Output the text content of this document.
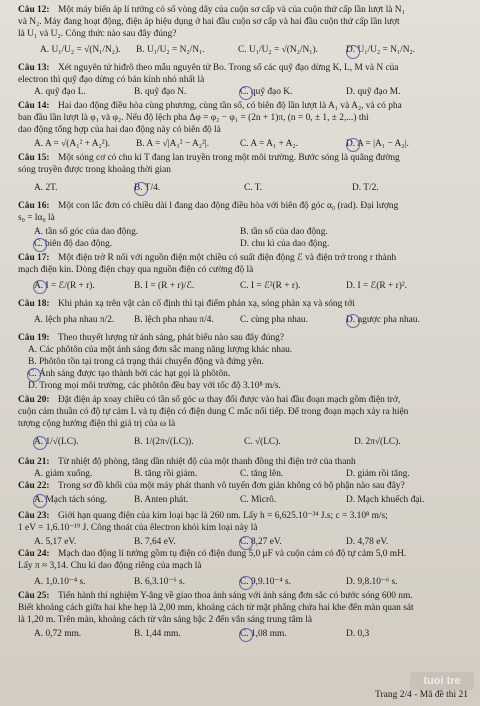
Câu 12: Một máy biến áp lí tưởng có số vòng dây của cuộn sơ cấp và của cuộn thứ cấp lần lượt là N₁
và N₂. Máy đang hoạt động, điện áp hiệu dụng ở hai đầu cuộn sơ cấp và hai đầu cuộn thứ cấp lần lượt
là U₁ và U₂. Công thức nào sau đây đúng?
A. U₁/U₂ = √(N₁/N₂). B. U₁/U₂ = N₂/N₁.	C. U₁/U₂ = √(N₂/N₁).	D. U₁/U₂ = N₁/N₂.
Câu 13: Xét nguyên tử hiđrô theo mẫu nguyên tử Bo. Trong số các quỹ đạo dừng K, L, M và N của
electron thì quỹ đạo dừng có bán kính nhỏ nhất là
A. quỹ đạo L.	B. quỹ đạo N.	C. quỹ đạo K.	D. quỹ đạo M.
Câu 14: Hai dao động điều hòa cùng phương, cùng tần số, có biên độ lần lượt là A₁ và A₂, và có pha
ban đầu lần lượt là φ₁ và φ₂. Nếu độ lệch pha Δφ = φ₂ − φ₁ = (2n + 1)π, (n = 0, ± 1, ± 2,...) thì
dao động tổng hợp của hai dao động này có biên độ là
A. A = √(A₁² + A₂²).	B. A = √|A₁² − A₂²|.	C. A = A₁ + A₂.	D. A = |A₁ − A₂|.
Câu 15: Một sóng cơ có chu kì T đang lan truyền trong một môi trường. Bước sóng là quãng đường
sóng truyền được trong khoảng thời gian
A. 2T.	B. T/4.	C. T.	D. T/2.
Câu 16: Một con lắc đơn có chiều dài l đang dao động điều hòa với biên độ góc α₀ (rad). Đại lượng
s₀ = lα₀ là
A. tần số góc của dao động.	B. tần số của dao động.
C. biên độ dao động.	D. chu kì của dao động.
Câu 17: Một điện trở R nối với nguồn điện một chiều có suất điện động ℰ và điện trở trong r thành
mạch điện kín. Dòng điện chạy qua nguồn điện có cường độ là
A. I = ℰ/(R + r).	B. I = (R + r)/ℰ.	C. I = ℰ²(R + r).	D. I = ℰ(R + r)².
Câu 18: Khi phản xạ trên vật cản cố định thì tại điểm phản xạ, sóng phản xạ và sóng tới
A. lệch pha nhau π/2. B. lệch pha nhau π/4.	C. cùng pha nhau.	D. ngược pha nhau.
Câu 19: Theo thuyết lượng tử ánh sáng, phát biểu nào sau đây đúng?
A. Các phôtôn của một ánh sáng đơn sắc mang năng lượng khác nhau.
B. Phôtôn tồn tại trong cả trạng thái chuyển động và đứng yên.
C. Ánh sáng được tạo thành bởi các hạt gọi là phôtôn.
D. Trong mọi môi trường, các phôtôn đều bay với tốc độ 3.10⁸ m/s.
Câu 20: Đặt điện áp xoay chiều có tần số góc ω thay đổi được vào hai đầu đoạn mạch gồm điện trở,
cuộn cảm thuần có độ tự cảm L và tụ điện có điện dung C mắc nối tiếp. Để trong đoạn mạch xảy ra hiện
tượng cộng hưởng điện thì giá trị của ω là
A. 1/√(LC).	B. 1/(2π√(LC)).	C. √(LC).	D. 2π√(LC).
Câu 21: Từ nhiệt độ phòng, tăng dần nhiệt độ của một thanh đồng thì điện trở của thanh
A. giảm xuống.	B. tăng rồi giảm.	C. tăng lên.	D. giảm rồi tăng.
Câu 22: Trong sơ đồ khối của một máy phát thanh vô tuyến đơn giản không có bộ phận nào sau đây?
A. Mạch tách sóng.	B. Anten phát.	C. Micrô.	D. Mạch khuếch đại.
Câu 23: Giới hạn quang điện của kim loại bạc là 260 nm. Lấy h = 6,625.10⁻³⁴ J.s; c = 3.10⁸ m/s;
1 eV = 1,6.10⁻¹⁹ J. Công thoát của êlectron khỏi kim loại này là
A. 5,17 eV.	B. 7,64 eV.	C. 8,27 eV.	D. 4,78 eV.
Câu 24: Mạch dao động lí tưởng gồm tụ điện có điện dung 5,0 μF và cuộn cảm có độ tự cảm 5,0 mH.
Lấy π ≈ 3,14. Chu kì dao động riêng của mạch là
A. 1,0.10⁻⁴ s.	B. 6,3.10⁻⁶ s.	C. 9,9.10⁻⁴ s.	D. 9,8.10⁻⁶ s.
Câu 25: Tiến hành thí nghiệm Y-âng về giao thoa ánh sáng với ánh sáng đơn sắc có bước sóng 600 nm.
Biết khoảng cách giữa hai khe hẹp là 2,00 mm, khoảng cách từ mặt phẳng chứa hai khe đến màn quan sát
là 1,20 m. Trên màn, khoảng cách từ vân sáng bậc 2 đến vân sáng trung tâm là
A. 0,72 mm.	B. 1,44 mm.	C. 1,08 mm.	D. 0,3
tuoi tre
Trang 2/4 - Mã đề thi 21
